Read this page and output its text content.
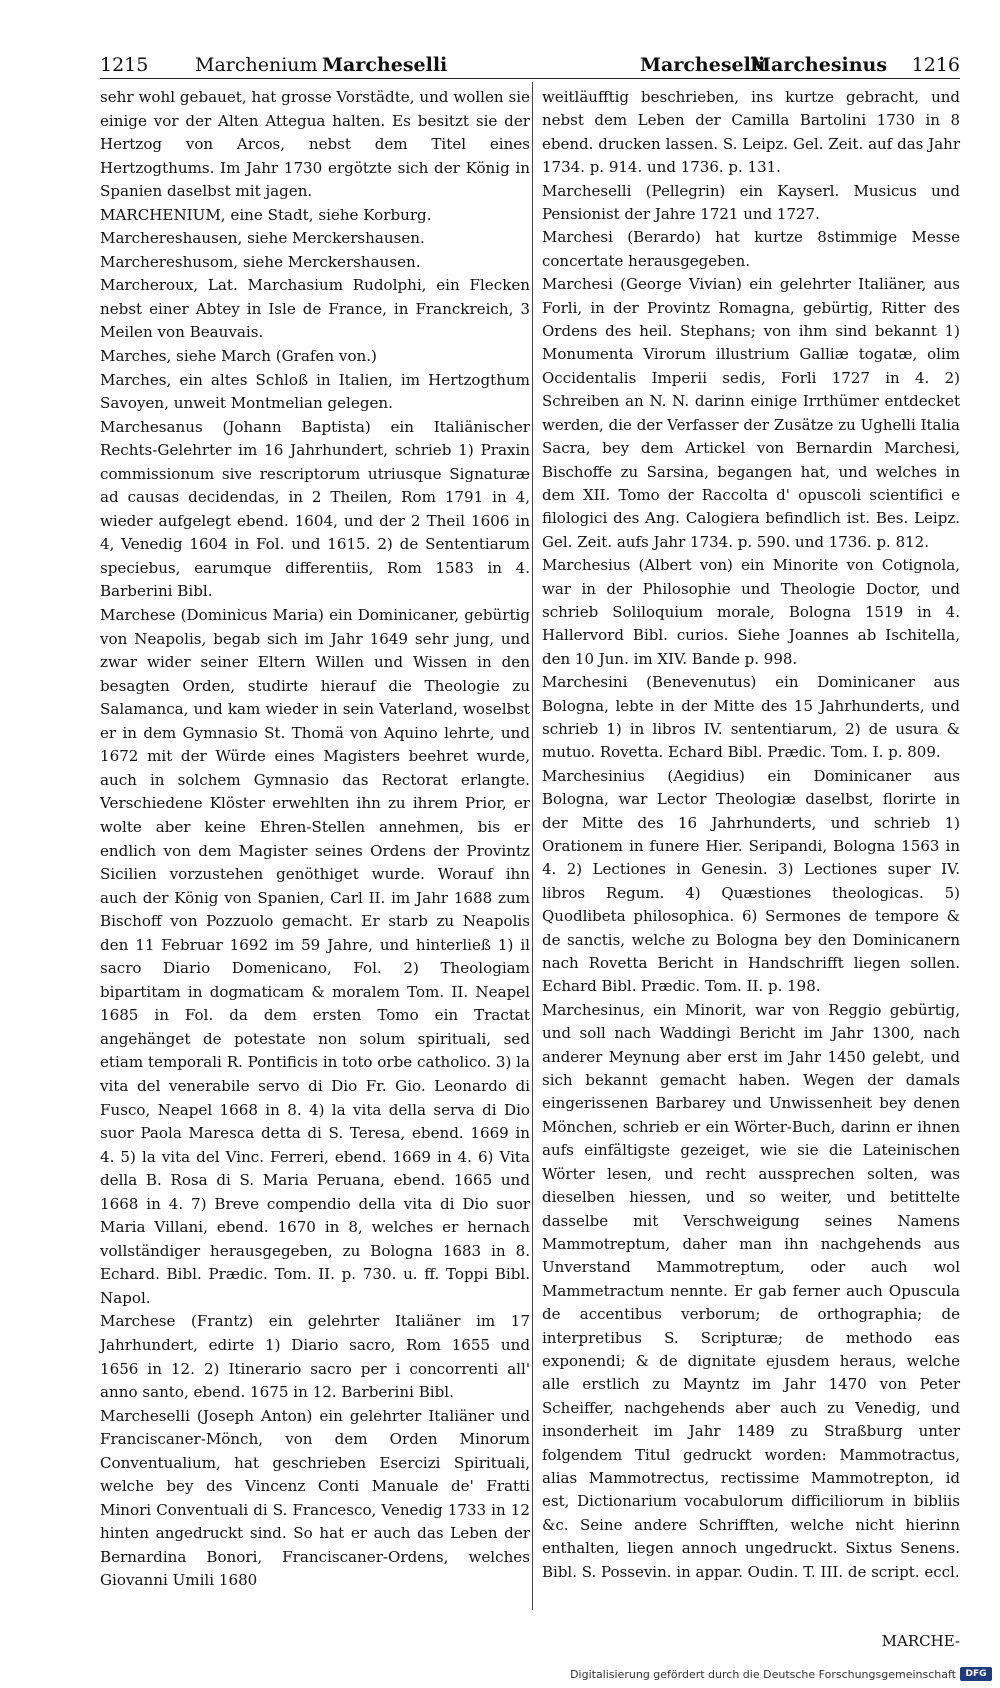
1215 Marchenium Marcheselli	Marcheselli
Marchesinus 1216

sehr wohl gebauet, hat grosse Vorstädte, und wollen sie einige vor der Alten Attegua halten. Es besitzt sie der Hertzog von Arcos, nebst dem Titel eines Hertzogthums. Im Jahr 1730 ergötzte sich der König in Spanien daselbst mit jagen.

MARCHENIUM, eine Stadt, siehe Korburg.

Marchereshausen, siehe Merckershausen.

Marchereshusom, siehe Merckershausen.

Marcheroux, Lat. Marchasium Rudolphi, ein Flecken nebst einer Abtey in Isle de France, in Franckreich, 3 Meilen von Beauvais.

Marches, siehe March (Grafen von.)

Marches, ein altes Schloß in Italien, im Hertzogthum Savoyen, unweit Montmelian gelegen.

Marchesanus (Johann Baptista) ein Italiänischer Rechts-Gelehrter im 16 Jahrhundert, schrieb 1) Praxin commissionum sive rescriptorum utriusque Signaturæ ad causas decidendas, in 2 Theilen, Rom 1791 in 4, wieder aufgelegt ebend. 1604, und der 2 Theil 1606 in 4, Venedig 1604 in Fol. und 1615. 2) de Sententiarum speciebus, earumque differentiis, Rom 1583 in 4. Barberini Bibl.

Marchese (Dominicus Maria) ein Dominicaner, gebürtig von Neapolis, begab sich im Jahr 1649 sehr jung, und zwar wider seiner Eltern Willen und Wissen in den besagten Orden, studirte hierauf die Theologie zu Salamanca, und kam wieder in sein Vaterland, woselbst er in dem Gymnasio St. Thomä von Aquino lehrte, und 1672 mit der Würde eines Magisters beehret wurde, auch in solchem Gymnasio das Rectorat erlangte. Verschiedene Klöster erwehlten ihn zu ihrem Prior, er wolte aber keine Ehren-Stellen annehmen, bis er endlich von dem Magister seines Ordens der Provintz Sicilien vorzustehen genöthiget wurde. Worauf ihn auch der König von Spanien, Carl II. im Jahr 1688 zum Bischoff von Pozzuolo gemacht. Er starb zu Neapolis den 11 Februar 1692 im 59 Jahre, und hinterließ 1) il sacro Diario Domenicano, Fol. 2) Theologiam bipartitam in dogmaticam & moralem Tom. II. Neapel 1685 in Fol. da dem ersten Tomo ein Tractat angehänget de potestate non solum spirituali, sed etiam temporali R. Pontificis in toto orbe catholico. 3) la vita del venerabile servo di Dio Fr. Gio. Leonardo di Fusco, Neapel 1668 in 8. 4) la vita della serva di Dio suor Paola Maresca detta di S. Teresa, ebend. 1669 in 4. 5) la vita del Vinc. Ferreri, ebend. 1669 in 4. 6) Vita della B. Rosa di S. Maria Peruana, ebend. 1665 und 1668 in 4. 7) Breve compendio della vita di Dio suor Maria Villani, ebend. 1670 in 8, welches er hernach vollständiger herausgegeben, zu Bologna 1683 in 8. Echard. Bibl. Prædic. Tom. II. p. 730. u. ff. Toppi Bibl. Napol.

Marchese (Frantz) ein gelehrter Italiäner im 17 Jahrhundert, edirte 1) Diario sacro, Rom 1655 und 1656 in 12. 2) Itinerario sacro per i concorrenti all' anno santo, ebend. 1675 in 12. Barberini Bibl.

Marcheselli (Joseph Anton) ein gelehrter Italiäner und Franciscaner-Mönch, von dem Orden Minorum Conventualium, hat geschrieben Esercizi Spirituali, welche bey des Vincenz Conti Manuale de' Fratti Minori Conventuali di S. Francesco, Venedig 1733 in 12 hinten angedruckt sind. So hat er auch das Leben der Bernardina Bonori, Franciscaner-Ordens, welches Giovanni Umili 1680

weitläufftig beschrieben, ins kurtze gebracht, und nebst dem Leben der Camilla Bartolini 1730 in 8 ebend. drucken lassen. S. Leipz. Gel. Zeit. auf das Jahr 1734. p. 914. und 1736. p. 131.

Marcheselli (Pellegrin) ein Kayserl. Musicus und Pensionist der Jahre 1721 und 1727.

Marchesi (Berardo) hat kurtze 8stimmige Messe concertate herausgegeben.

Marchesi (George Vivian) ein gelehrter Italiäner, aus Forli, in der Provintz Romagna, gebürtig, Ritter des Ordens des heil. Stephans; von ihm sind bekannt 1) Monumenta Virorum illustrium Galliæ togatæ, olim Occidentalis Imperii sedis, Forli 1727 in 4. 2) Schreiben an N. N. darinn einige Irrthümer entdecket werden, die der Verfasser der Zusätze zu Ughelli Italia Sacra, bey dem Artickel von Bernardin Marchesi, Bischoffe zu Sarsina, begangen hat, und welches in dem XII. Tomo der Raccolta d' opuscoli scientifici e filologici des Ang. Calogiera befindlich ist. Bes. Leipz. Gel. Zeit. aufs Jahr 1734. p. 590. und 1736. p. 812.

Marchesius (Albert von) ein Minorite von Cotignola, war in der Philosophie und Theologie Doctor, und schrieb Soliloquium morale, Bologna 1519 in 4. Hallervord Bibl. curios. Siehe Joannes ab Ischitella, den 10 Jun. im XIV. Bande p. 998.

Marchesini (Benevenutus) ein Dominicaner aus Bologna, lebte in der Mitte des 15 Jahrhunderts, und schrieb 1) in libros IV. sententiarum, 2) de usura & mutuo. Rovetta. Echard Bibl. Prædic. Tom. I. p. 809.

Marchesinius (Aegidius) ein Dominicaner aus Bologna, war Lector Theologiæ daselbst, florirte in der Mitte des 16 Jahrhunderts, und schrieb 1) Orationem in funere Hier. Seripandi, Bologna 1563 in 4. 2) Lectiones in Genesin. 3) Lectiones super IV. libros Regum. 4) Quæstiones theologicas. 5) Quodlibeta philosophica. 6) Sermones de tempore & de sanctis, welche zu Bologna bey den Dominicanern nach Rovetta Bericht in Handschrifft liegen sollen. Echard Bibl. Prædic. Tom. II. p. 198.

Marchesinus, ein Minorit, war von Reggio gebürtig, und soll nach Waddingi Bericht im Jahr 1300, nach anderer Meynung aber erst im Jahr 1450 gelebt, und sich bekannt gemacht haben. Wegen der damals eingerissenen Barbarey und Unwissenheit bey denen Mönchen, schrieb er ein Wörter-Buch, darinn er ihnen aufs einfältigste gezeiget, wie sie die Lateinischen Wörter lesen, und recht aussprechen solten, was dieselben hiessen, und so weiter, und betittelte dasselbe mit Verschweigung seines Namens Mammotreptum, daher man ihn nachgehends aus Unverstand Mammotreptum, oder auch wol Mammetractum nennte. Er gab ferner auch Opuscula de accentibus verborum; de orthographia; de interpretibus S. Scripturæ; de methodo eas exponendi; & de dignitate ejusdem heraus, welche alle erstlich zu Mayntz im Jahr 1470 von Peter Scheiffer, nachgehends aber auch zu Venedig, und insonderheit im Jahr 1489 zu Straßburg unter folgendem Titul gedruckt worden: Mammotractus, alias Mammotrectus, rectissime Mammotrepton, id est, Dictionarium vocabulorum difficiliorum in bibliis &c. Seine andere Schrifften, welche nicht hierinn enthalten, liegen annoch ungedruckt. Sixtus Senens. Bibl. S. Possevin. in appar. Oudin. T. III. de script. eccl.

MARCHE-
Digitalisierung gefördert durch die Deutsche Forschungsgemeinschaft	DFG
